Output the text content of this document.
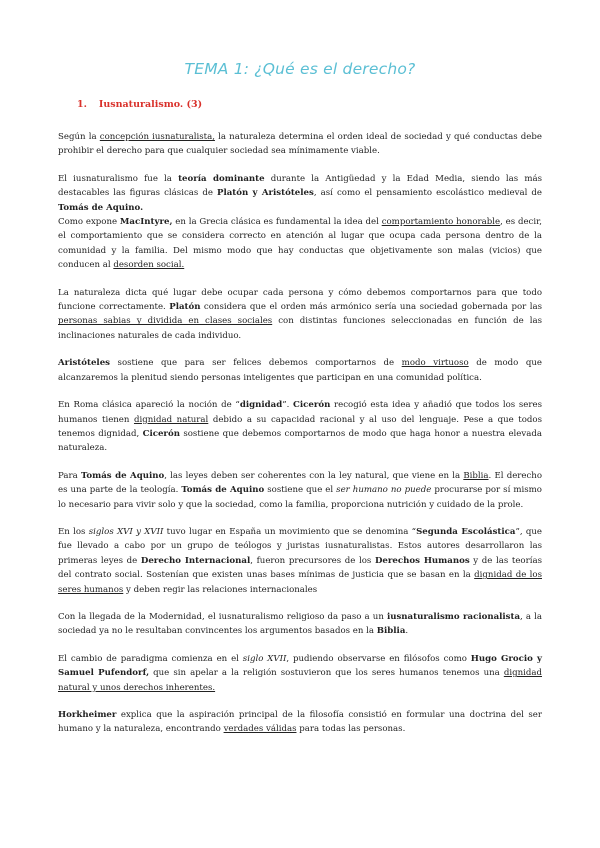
TEMA 1: ¿Qué es el derecho?
1. Iusnaturalismo. (3)

Según la concepción iusnaturalista, la naturaleza determina el orden ideal de sociedad y qué conductas debe prohibir el derecho para que cualquier sociedad sea mínimamente viable.

El iusnaturalismo fue la teoría dominante durante la Antigüedad y la Edad Media, siendo las más destacables las figuras clásicas de Platón y Aristóteles, así como el pensamiento escolástico medieval de Tomás de Aquino.

Como expone MacIntyre, en la Grecia clásica es fundamental la idea del comportamiento honorable, es decir, el comportamiento que se considera correcto en atención al lugar que ocupa cada persona dentro de la comunidad y la familia. Del mismo modo que hay conductas que objetivamente son malas (vicios) que conducen al desorden social.

La naturaleza dicta qué lugar debe ocupar cada persona y cómo debemos comportarnos para que todo funcione correctamente. Platón considera que el orden más armónico sería una sociedad gobernada por las personas sabias y dividida en clases sociales con distintas funciones seleccionadas en función de las inclinaciones naturales de cada individuo.

Aristóteles sostiene que para ser felices debemos comportarnos de modo virtuoso de modo que alcanzaremos la plenitud siendo personas inteligentes que participan en una comunidad política.

En Roma clásica apareció la noción de “dignidad”. Cicerón recogió esta idea y añadió que todos los seres humanos tienen dignidad natural debido a su capacidad racional y al uso del lenguaje. Pese a que todos tenemos dignidad, Cicerón sostiene que debemos comportarnos de modo que haga honor a nuestra elevada naturaleza.

Para Tomás de Aquino, las leyes deben ser coherentes con la ley natural, que viene en la Biblia. El derecho es una parte de la teología. Tomás de Aquino sostiene que el ser humano no puede procurarse por sí mismo lo necesario para vivir solo y que la sociedad, como la familia, proporciona nutrición y cuidado de la prole.

En los siglos XVI y XVII tuvo lugar en España un movimiento que se denomina “Segunda Escolástica”, que fue llevado a cabo por un grupo de teólogos y juristas iusnaturalistas. Estos autores desarrollaron las primeras leyes de Derecho Internacional, fueron precursores de los Derechos Humanos y de las teorías del contrato social. Sostenían que existen unas bases mínimas de justicia que se basan en la dignidad de los seres humanos y deben regir las relaciones internacionales

Con la llegada de la Modernidad, el iusnaturalismo religioso da paso a un iusnaturalismo racionalista, a la sociedad ya no le resultaban convincentes los argumentos basados en la Biblia.

El cambio de paradigma comienza en el siglo XVII, pudiendo observarse en filósofos como Hugo Grocio y Samuel Pufendorf, que sin apelar a la religión sostuvieron que los seres humanos tenemos una dignidad natural y unos derechos inherentes.

Horkheimer explica que la aspiración principal de la filosofía consistió en formular una doctrina del ser humano y la naturaleza, encontrando verdades válidas para todas las personas.
